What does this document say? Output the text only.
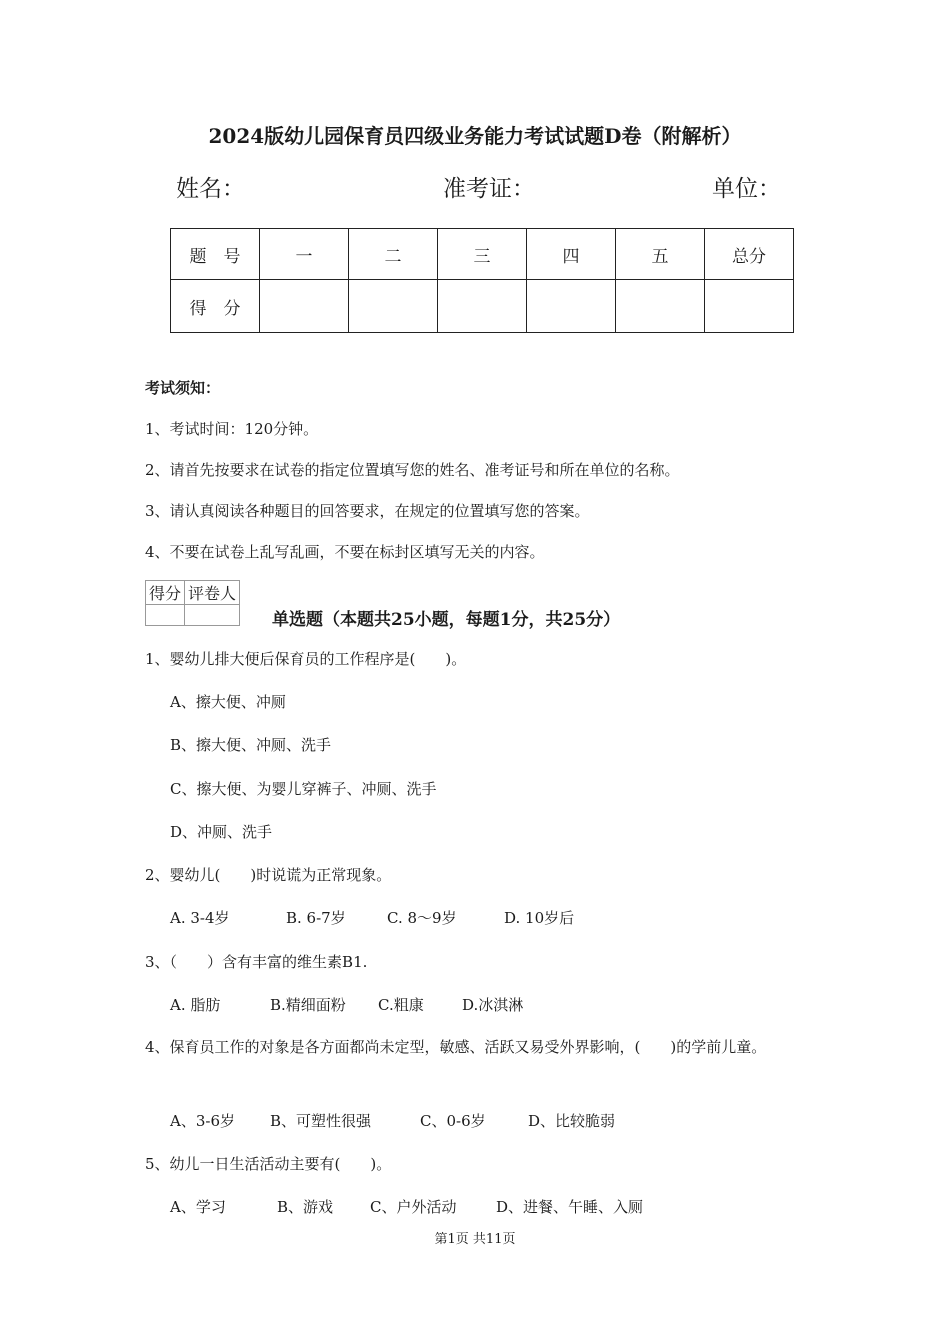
2024版幼儿园保育员四级业务能力考试试题D卷（附解析）
姓名：	准考证：	单位：
题　号	一	二	三	四	五	总分
得　分						
考试须知：
1、考试时间：120分钟。
2、请首先按要求在试卷的指定位置填写您的姓名、准考证号和所在单位的名称。
3、请认真阅读各种题目的回答要求，在规定的位置填写您的答案。
4、不要在试卷上乱写乱画，不要在标封区填写无关的内容。
得分	评卷人

单选题（本题共25小题，每题1分，共25分）
1、婴幼儿排大便后保育员的工作程序是(　　)。
A、擦大便、冲厕
B、擦大便、冲厕、洗手
C、擦大便、为婴儿穿裤子、冲厕、洗手
D、冲厕、洗手
2、婴幼儿(　　)时说谎为正常现象。
A. 3-4岁	B. 6-7岁	C. 8～9岁	D. 10岁后
3、（　　）含有丰富的维生素B1.
A. 脂肪	B.精细面粉 C.粗康	D.冰淇淋
4、保育员工作的对象是各方面都尚未定型，敏感、活跃又易受外界影响，(　　)的学前儿童。
A、3-6岁 B、可塑性很强	C、0-6岁	D、比较脆弱
5、幼儿一日生活活动主要有(　　)。
A、学习	B、游戏 C、户外活动	D、进餐、午睡、入厕
第1页 共11页
